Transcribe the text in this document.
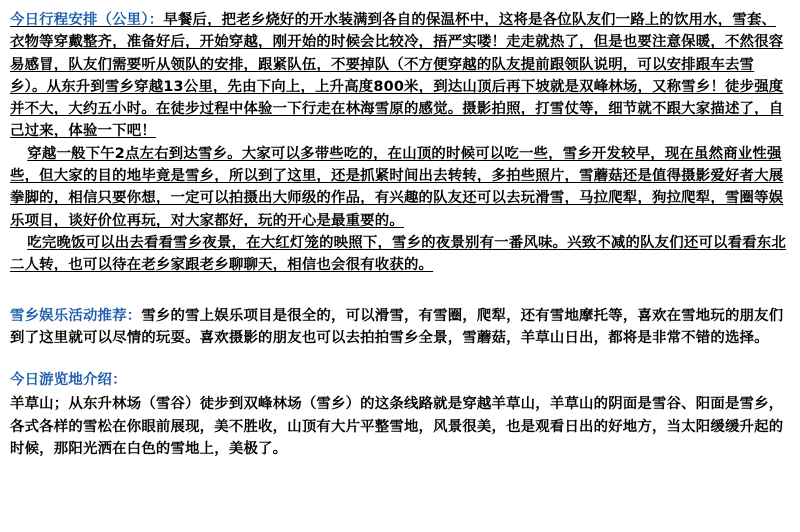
今日行程安排（公里）：早餐后，把老乡烧好的开水装满到各自的保温杯中，这将是各位队友们一路上的饮用水，雪套、衣物等穿戴整齐，准备好后，开始穿越，刚开始的时候会比较冷，捂严实喽！走走就热了，但是也要注意保暖，不然很容易感冒，队友们需要听从领队的安排，跟紧队伍，不要掉队（不方便穿越的队友提前跟领队说明，可以安排跟车去雪乡）。从东升到雪乡穿越13公里，先由下向上，上升高度800米，到达山顶后再下坡就是双峰林场，又称雪乡！徒步强度并不大，大约五小时。在徒步过程中体验一下行走在林海雪原的感觉。摄影拍照，打雪仗等，细节就不跟大家描述了，自己过来，体验一下吧！

穿越一般下午2点左右到达雪乡。大家可以多带些吃的，在山顶的时候可以吃一些，雪乡开发较早，现在虽然商业性强些，但大家的目的地毕竟是雪乡，所以到了这里，还是抓紧时间出去转转，多拍些照片，雪蘑菇还是值得摄影爱好者大展拳脚的，相信只要你想，一定可以拍摄出大师级的作品，有兴趣的队友还可以去玩滑雪，马拉爬犁，狗拉爬犁，雪圈等娱乐项目，谈好价位再玩，对大家都好，玩的开心是最重要的。

吃完晚饭可以出去看看雪乡夜景，在大红灯笼的映照下，雪乡的夜景别有一番风味。兴致不减的队友们还可以看看东北二人转，也可以待在老乡家跟老乡聊聊天，相信也会很有收获的。

雪乡娱乐活动推荐：雪乡的雪上娱乐项目是很全的，可以滑雪，有雪圈，爬犁，还有雪地摩托等，喜欢在雪地玩的朋友们到了这里就可以尽情的玩耍。喜欢摄影的朋友也可以去拍拍雪乡全景，雪蘑菇，羊草山日出，都将是非常不错的选择。

今日游览地介绍：

羊草山；从东升林场（雪谷）徒步到双峰林场（雪乡）的这条线路就是穿越羊草山，羊草山的阴面是雪谷、阳面是雪乡，各式各样的雪松在你眼前展现，美不胜收，山顶有大片平整雪地，风景很美，也是观看日出的好地方，当太阳缓缓升起的时候，那阳光洒在白色的雪地上，美极了。
